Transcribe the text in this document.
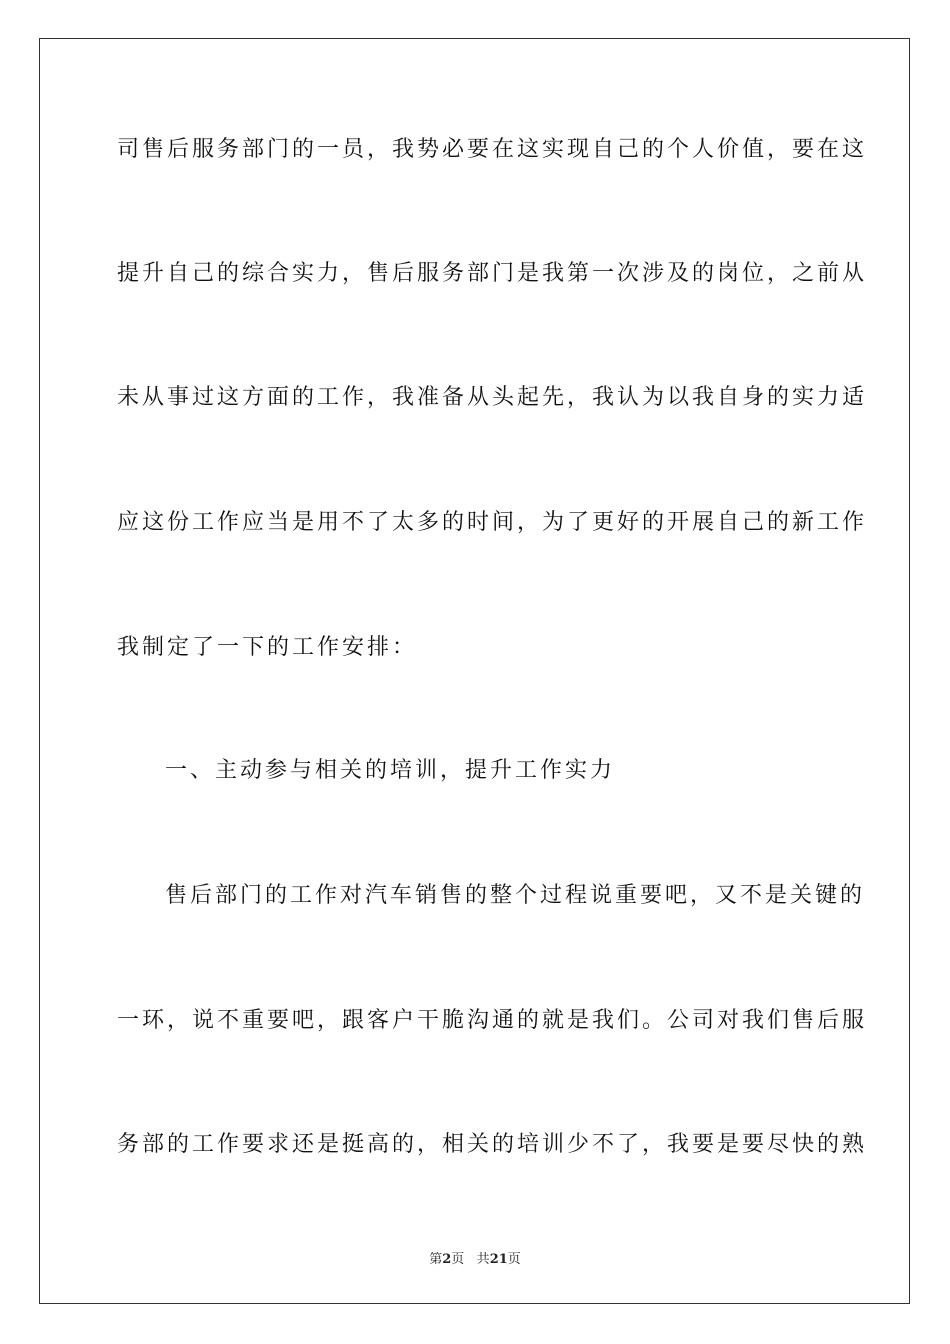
司售后服务部门的一员，我势必要在这实现自己的个人价值，要在这
提升自己的综合实力，售后服务部门是我第一次涉及的岗位，之前从
未从事过这方面的工作，我准备从头起先，我认为以我自身的实力适
应这份工作应当是用不了太多的时间，为了更好的开展自己的新工作
我制定了一下的工作安排：
一、主动参与相关的培训，提升工作实力
售后部门的工作对汽车销售的整个过程说重要吧，又不是关键的
一环，说不重要吧，跟客户干脆沟通的就是我们。公司对我们售后服
务部的工作要求还是挺高的，相关的培训少不了，我要是要尽快的熟
第2页 共21页
